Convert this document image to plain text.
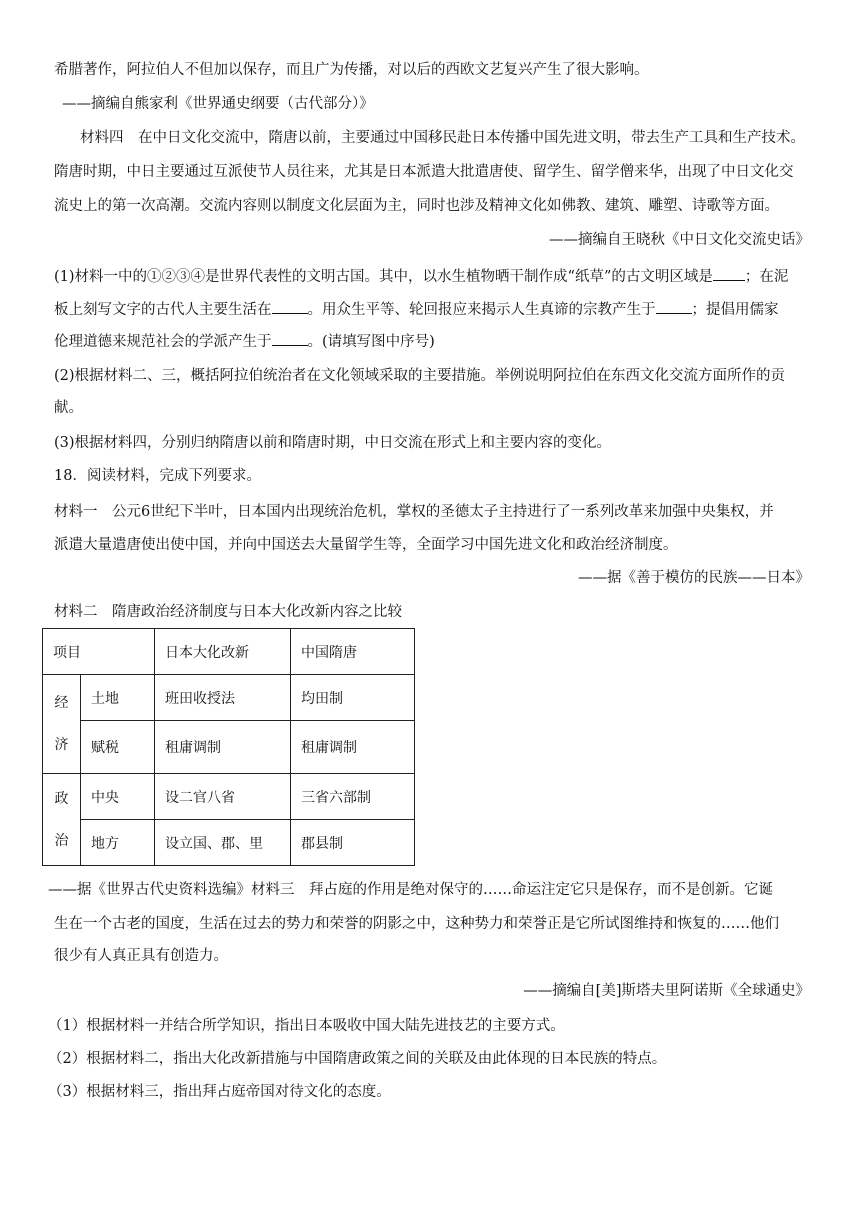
希腊著作，阿拉伯人不但加以保存，而且广为传播，对以后的西欧文艺复兴产生了很大影响。
——摘编自熊家利《世界通史纲要（古代部分）》
材料四　在中日文化交流中，隋唐以前，主要通过中国移民赴日本传播中国先进文明，带去生产工具和生产技术。
隋唐时期，中日主要通过互派使节人员往来，尤其是日本派遣大批遣唐使、留学生、留学僧来华，出现了中日文化交
流史上的第一次高潮。交流内容则以制度文化层面为主，同时也涉及精神文化如佛教、建筑、雕塑、诗歌等方面。
——摘编自王晓秋《中日文化交流史话》
(1)材料一中的①②③④是世界代表性的文明古国。其中，以水生植物晒干制作成“纸草”的古文明区域是 ；在泥
板上刻写文字的古代人主要生活在 。用众生平等、轮回报应来揭示人生真谛的宗教产生于 ；提倡用儒家
伦理道德来规范社会的学派产生于 。(请填写图中序号)
(2)根据材料二、三，概括阿拉伯统治者在文化领域采取的主要措施。举例说明阿拉伯在东西文化交流方面所作的贡
献。
(3)根据材料四，分别归纳隋唐以前和隋唐时期，中日交流在形式上和主要内容的变化。
18．阅读材料，完成下列要求。
材料一　公元6世纪下半叶，日本国内出现统治危机，掌权的圣德太子主持进行了一系列改革来加强中央集权，并
派遣大量遣唐使出使中国，并向中国送去大量留学生等，全面学习中国先进文化和政治经济制度。
——据《善于模仿的民族——日本》
材料二　隋唐政治经济制度与日本大化改新内容之比较
项目		日本大化改新	中国隋唐
经
济	土地	班田收授法	均田制
	赋税	租庸调制	租庸调制
政
治	中央	设二官八省	三省六部制
	地方	设立国、郡、里	郡县制
——据《世界古代史资料选编》材料三　拜占庭的作用是绝对保守的……命运注定它只是保存，而不是创新。它诞
生在一个古老的国度，生活在过去的势力和荣誉的阴影之中，这种势力和荣誉正是它所试图维持和恢复的……他们
很少有人真正具有创造力。
——摘编自[美]斯塔夫里阿诺斯《全球通史》
（1）根据材料一并结合所学知识，指出日本吸收中国大陆先进技艺的主要方式。
（2）根据材料二，指出大化改新措施与中国隋唐政策之间的关联及由此体现的日本民族的特点。
（3）根据材料三，指出拜占庭帝国对待文化的态度。
